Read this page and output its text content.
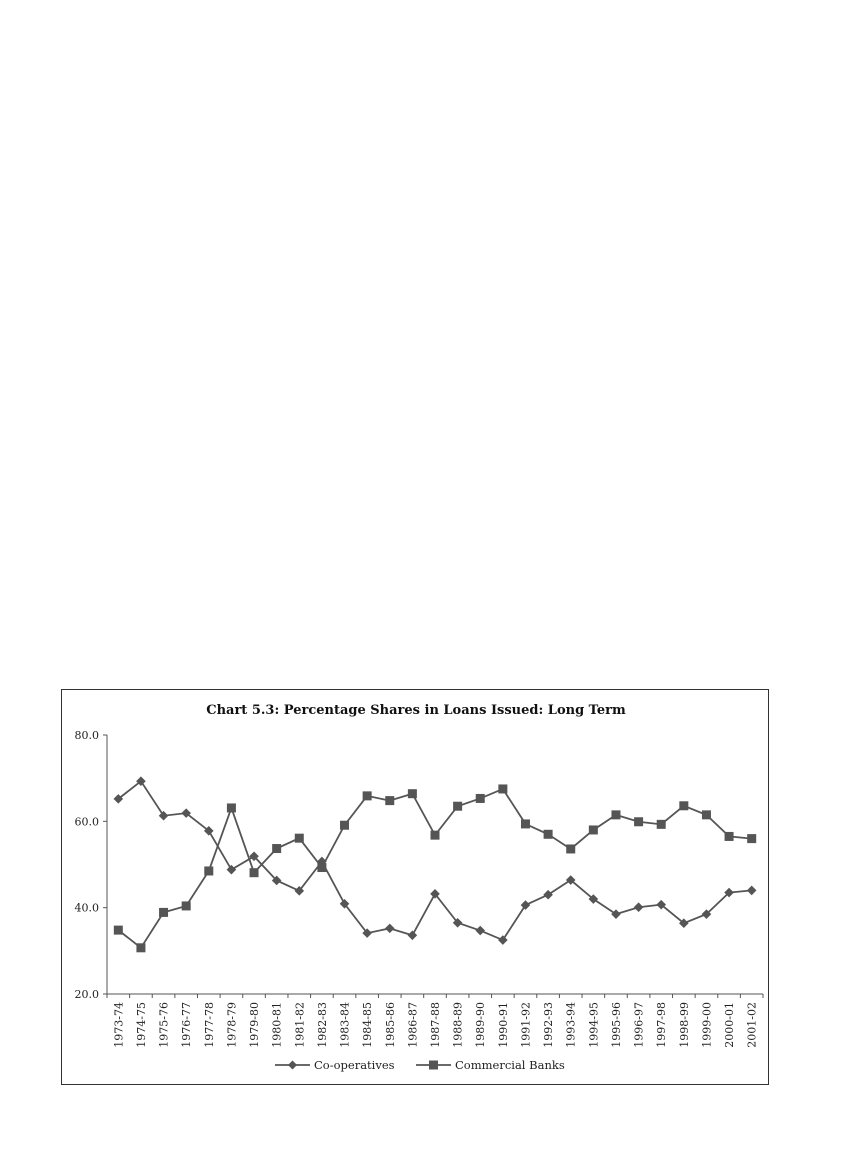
Chart 5.3: Percentage Shares in Loans Issued: Long Term
20.0
40.0
60.0
80.0
1973-74 1974-75 1975-76 1976-77 1977-78 1978-79 1979-80 1980-81 1981-82 1982-83 1983-84 1984-85 1985-86 1986-87 1987-88 1988-89 1989-90 1990-91 1991-92 1992-93 1993-94 1994-95 1995-96 1996-97 1997-98 1998-99 1999-00 2000-01 2001-02
Co-operatives	Commercial Banks
